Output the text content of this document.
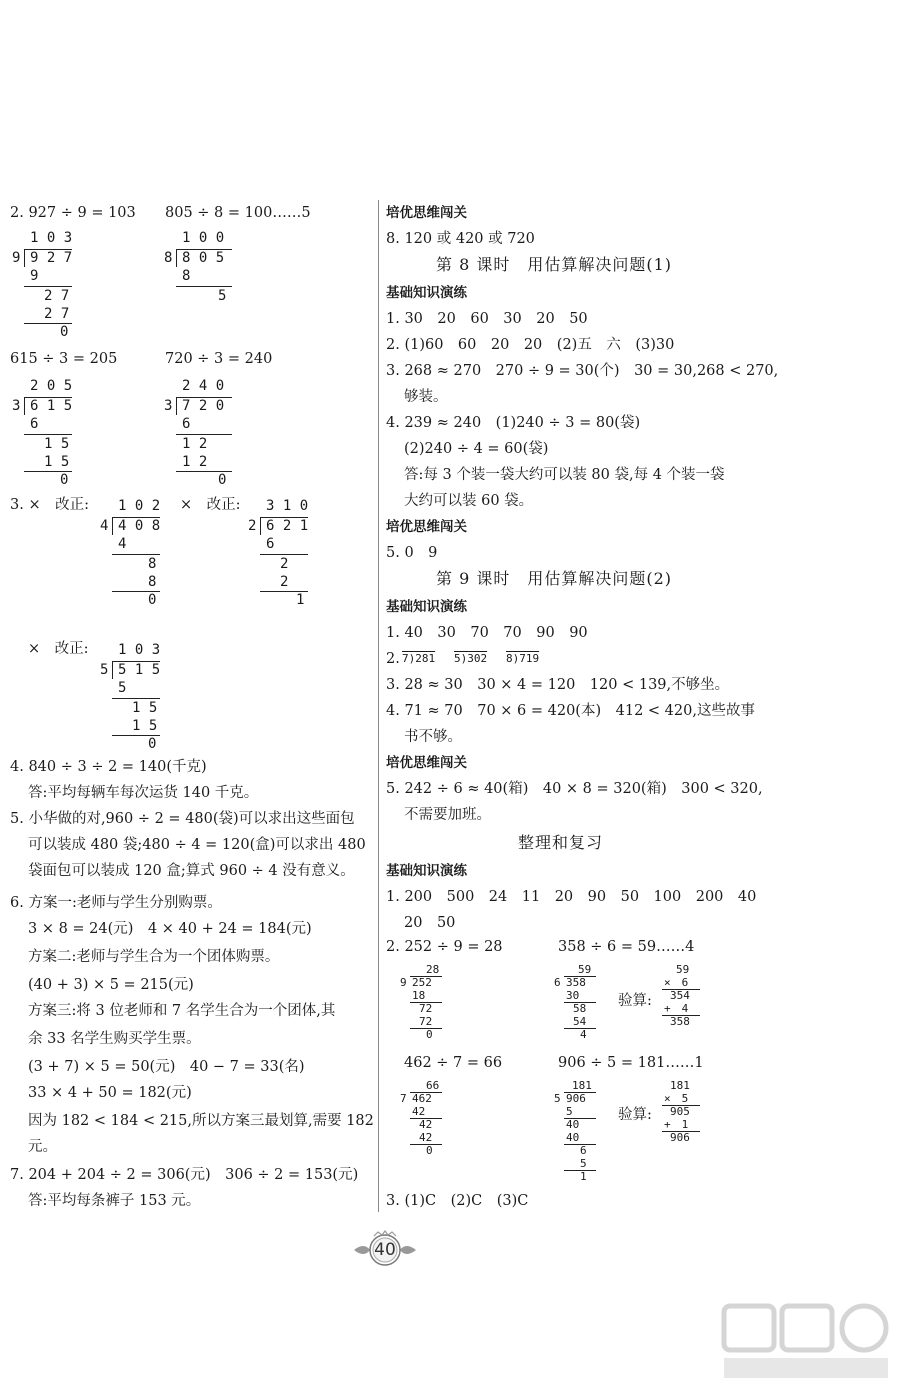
2. 927 ÷ 9 = 103 805 ÷ 8 = 100……5
1 0 3
9 9 2 7
9
2 7
2 7
0
1 0 0
8 8 0 5
8
5
615 ÷ 3 = 205	720 ÷ 3 = 240
2 0 5
3 6 1 5
6
1 5
1 5
0
2 4 0
3 7 2 0
6
1 2
1 2
0
3. ×　改正:	×　改正:
1 0 2
4 4 0 8
4
8
8
0
3 1 0
2 6 2 1
6
2
2
1
×　改正: 1 0 3
5 5 1 5
5
1 5
1 5
0
4. 840 ÷ 3 ÷ 2 = 140(千克)
答:平均每辆车每次运货 140 千克。
5. 小华做的对,960 ÷ 2 = 480(袋)可以求出这些面包
可以装成 480 袋;480 ÷ 4 = 120(盒)可以求出 480
袋面包可以装成 120 盒;算式 960 ÷ 4 没有意义。
6. 方案一:老师与学生分别购票。
3 × 8 = 24(元)　4 × 40 + 24 = 184(元)
方案二:老师与学生合为一个团体购票。
(40 + 3) × 5 = 215(元)
方案三:将 3 位老师和 7 名学生合为一个团体,其
余 33 名学生购买学生票。
(3 + 7) × 5 = 50(元)　40 − 7 = 33(名)
33 × 4 + 50 = 182(元)
因为 182 < 184 < 215,所以方案三最划算,需要 182
元。
7. 204 + 204 ÷ 2 = 306(元)　306 ÷ 2 = 153(元)
答:平均每条裤子 153 元。
培优思维闯关
8. 120 或 420 或 720
第 8 课时　用估算解决问题(1)
基础知识演练
1. 30　20　60　30　20　50
2. (1)60　60　20　20　(2)五　六　(3)30
3. 268 ≈ 270　270 ÷ 9 = 30(个)　30 = 30,268 < 270,
够装。
4. 239 ≈ 240　(1)240 ÷ 3 = 80(袋)
(2)240 ÷ 4 = 60(袋)
答:每 3 个装一袋大约可以装 80 袋,每 4 个装一袋
大约可以装 60 袋。
培优思维闯关
5. 0　9
第 9 课时　用估算解决问题(2)
基础知识演练
1. 40　30　70　70　90　90
2. 7)281 5)302 8)719
3. 28 ≈ 30　30 × 4 = 120　120 < 139,不够坐。
4. 71 ≈ 70　70 × 6 = 420(本)　412 < 420,这些故事
书不够。
培优思维闯关
5. 242 ÷ 6 ≈ 40(箱)　40 × 8 = 320(箱)　300 < 320,
不需要加班。
整理和复习
基础知识演练
1. 200　500　24　11　20　90　50　100　200　40
20　50
2. 252 ÷ 9 = 28	358 ÷ 6 = 59……4
28
9 252
18
72
72
0
59
6 358
30
58
54
4
验算:
59
×　6
354
+　4
358
462 ÷ 7 = 66	906 ÷ 5 = 181……1
66
7 462
42
42
42
0
181
5 906
5
40
40
6
5
1
验算:
181
×　5
905
+　1
906
3. (1)C　(2)C　(3)C
40
